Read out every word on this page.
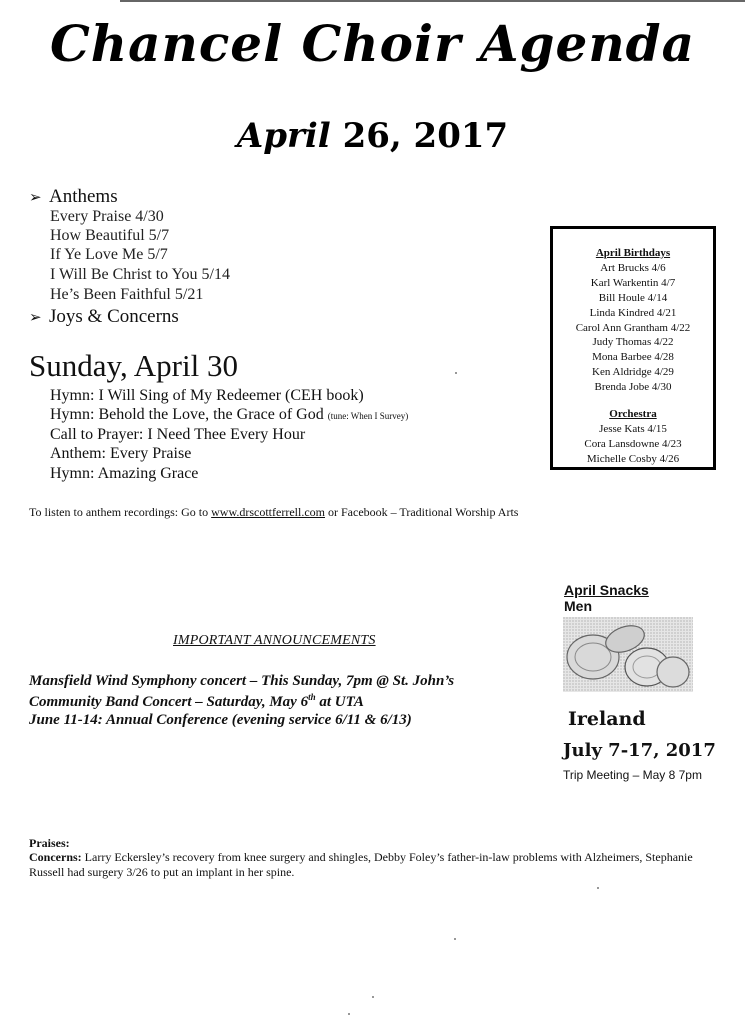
Chancel Choir Agenda
April 26, 2017
➢ Anthems
Every Praise 4/30
How Beautiful 5/7
If Ye Love Me 5/7
I Will Be Christ to You 5/14
He’s Been Faithful 5/21
➢ Joys & Concerns
Sunday, April 30
Hymn: I Will Sing of My Redeemer (CEH book)
Hymn: Behold the Love, the Grace of God (tune: When I Survey)
Call to Prayer: I Need Thee Every Hour
Anthem: Every Praise
Hymn: Amazing Grace
To listen to anthem recordings: Go to www.drscottferrell.com or Facebook – Traditional Worship Arts
April Birthdays
Art Brucks 4/6
Karl Warkentin 4/7
Bill Houle 4/14
Linda Kindred 4/21
Carol Ann Grantham 4/22
Judy Thomas 4/22
Mona Barbee 4/28
Ken Aldridge 4/29
Brenda Jobe 4/30
Orchestra
Jesse Kats 4/15
Cora Lansdowne 4/23
Michelle Cosby 4/26
April Snacks
Men
IMPORTANT ANNOUNCEMENTS
Mansfield Wind Symphony concert – This Sunday, 7pm @ St. John’s
Community Band Concert – Saturday, May 6th at UTA
June 11-14: Annual Conference (evening service 6/11 & 6/13)	Ireland
July 7-17, 2017
Trip Meeting – May 8 7pm
Praises:
Concerns: Larry Eckersley’s recovery from knee surgery and shingles, Debby Foley’s father-in-law problems with Alzheimers, Stephanie Russell had surgery 3/26 to put an implant in her spine.
